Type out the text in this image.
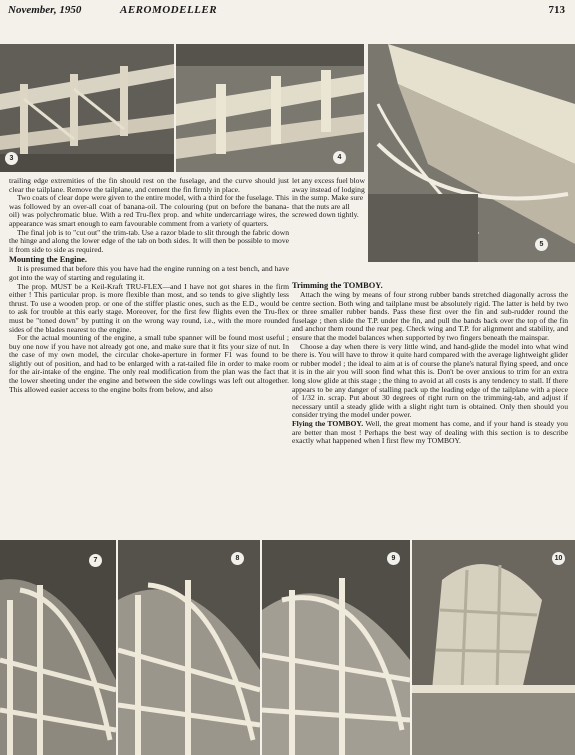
November, 1950	AEROMODELLER	713
3	4
5

trailing edge extremities of the fin should rest on the fuselage, and the curve should just clear the tailplane. Remove the tailplane, and cement the fin firmly in place.

Two coats of clear dope were given to the entire model, with a third for the fuselage. This was followed by an over-all coat of banana-oil. The colouring (put on before the banana-oil) was polychromatic blue. With a red Tru-flex prop. and white undercarriage wires, the appearance was smart enough to earn favourable comment from a variety of quarters.

The final job is to "cut out" the trim-tab. Use a razor blade to slit through the fabric down the hinge and along the lower edge of the tab on both sides. It will then be possible to move it from side to side as required.

Mounting the Engine.

It is presumed that before this you have had the engine running on a test bench, and have got into the way of starting and regulating it.

The prop. MUST be a Keil-Kraft TRU-FLEX—and I have not got shares in the firm either ! This particular prop. is more flexible than most, and so tends to give slightly less thrust. To use a wooden prop. or one of the stiffer plastic ones, such as the E.D., would be to ask for trouble at this early stage. Moreover, for the first few flights even the Tru-flex must be "toned down" by putting it on the wrong way round, i.e., with the more rounded sides of the blades nearest to the engine.

For the actual mounting of the engine, a small tube spanner will be found most useful ; buy one now if you have not already got one, and make sure that it fits your size of nut. In the case of my own model, the circular choke-aperture in former F1 was found to be slightly out of position, and had to be enlarged with a rat-tailed file in order to make room for the air-intake of the engine. The only real modification from the plan was the fact that the lower sheeting under the engine and between the side cowlings was left out altogether. This allowed easier access to the engine bolts from below, and also

let any excess fuel blow away instead of lodging in the sump. Make sure that the nuts are all screwed down tightly.
Trimming the TOMBOY.

Attach the wing by means of four strong rubber bands stretched diagonally across the centre section. Both wing and tailplane must be absolutely rigid. The latter is held by two or three smaller rubber bands. Pass these first over the fin and sub-rudder round the fuselage ; then slide the T.P. under the fin, and pull the bands back over the top of the fin and anchor them round the rear peg. Check wing and T.P. for alignment and stability, and ensure that the model balances when supported by two fingers beneath the mainspar.

Choose a day when there is very little wind, and hand-glide the model into what wind there is. You will have to throw it quite hard compared with the average lightweight glider or rubber model ; the ideal to aim at is of course the plane's natural flying speed, and once it is in the air you will soon find what this is. Don't be over anxious to trim for an extra long slow glide at this stage ; the thing to avoid at all costs is any tendency to stall. If there appears to be any danger of stalling pack up the leading edge of the tailplane with a piece of 1/32 in. scrap. Put about 30 degrees of right rurn on the trimming-tab, and adjust if necessary until a steady glide with a slight right turn is obtained. Only then should you consider trying the model under power.

Flying the TOMBOY. Well, the great moment has come, and if your hand is steady you are better than most ! Perhaps the best way of dealing with this section is to describe exactly what happened when I first flew my TOMBOY.

7	8	9	10
